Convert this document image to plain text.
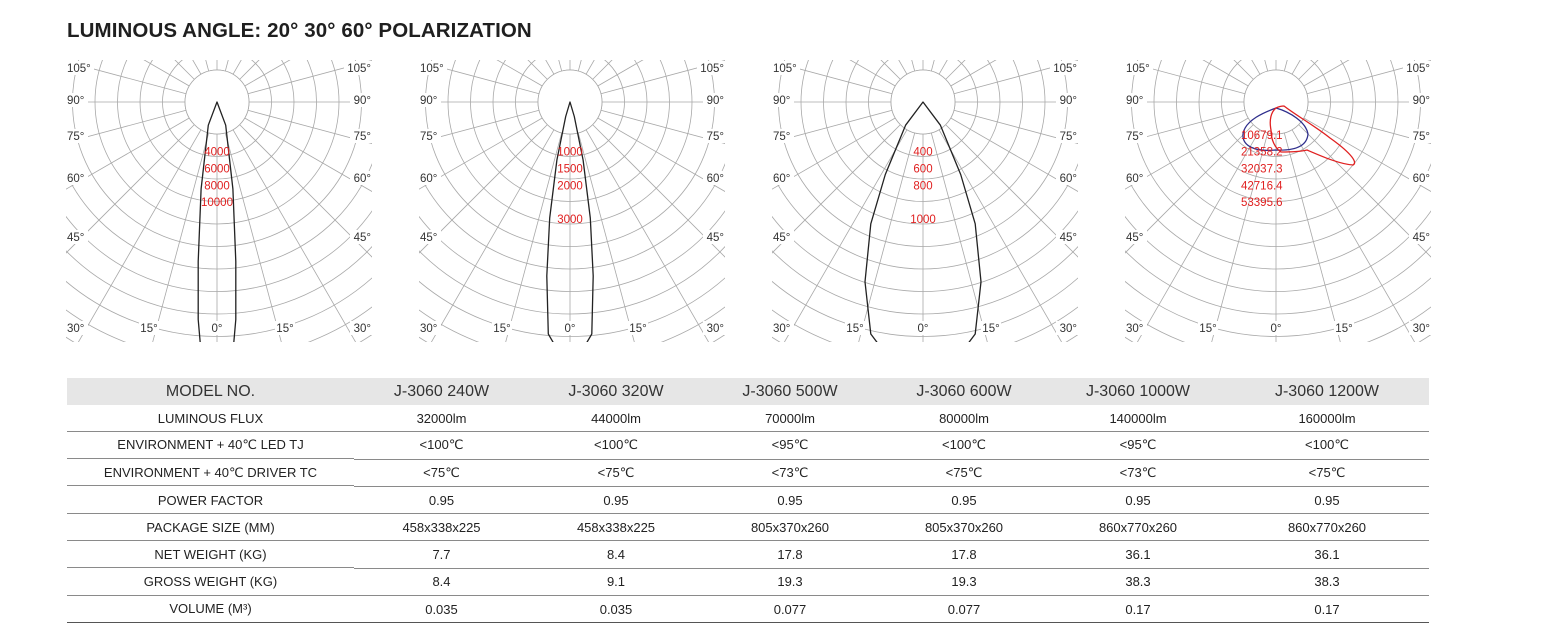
LUMINOUS ANGLE: 20° 30° 60° POLARIZATION
105°
90°
75°
60°
45°
30°
105°
90°
75°
60°
45°
30°
15°	0°	15°
4000
6000
8000
10000
105°
90°
75°
60°
45°
30°
105°
90°
75°
60°
45°
30°
15°	0°	15°
1000
1500
2000
3000
105°
90°
75°
60°
45°
30°
105°
90°
75°
60°
45°
30°
15°	0°	15°
400
600
800
1000
105°
90°
75°
60°
45°
30°
105°
90°
75°
60°
45°
30°
15°	0°	15°
10679.1
21358.2
32037.3
42716.4
53395.6
MODEL NO.	J-3060 240W	J-3060 320W	J-3060 500W	J-3060 600W	J-3060 1000W	J-3060 1200W
LUMINOUS FLUX	32000lm	44000lm	70000lm	80000lm	140000lm	160000lm
ENVIRONMENT + 40℃ LED TJ	<100℃	<100℃	<95℃	<100℃	<95℃	<100℃
ENVIRONMENT + 40℃ DRIVER TC	<75℃	<75℃	<73℃	<75℃	<73℃	<75℃
POWER FACTOR	0.95	0.95	0.95	0.95	0.95	0.95
PACKAGE SIZE (MM)	458x338x225	458x338x225	805x370x260	805x370x260	860x770x260	860x770x260
NET WEIGHT (KG)	7.7	8.4	17.8	17.8	36.1	36.1
GROSS WEIGHT (KG)	8.4	9.1	19.3	19.3	38.3	38.3
VOLUME (M³)	0.035	0.035	0.077	0.077	0.17	0.17
